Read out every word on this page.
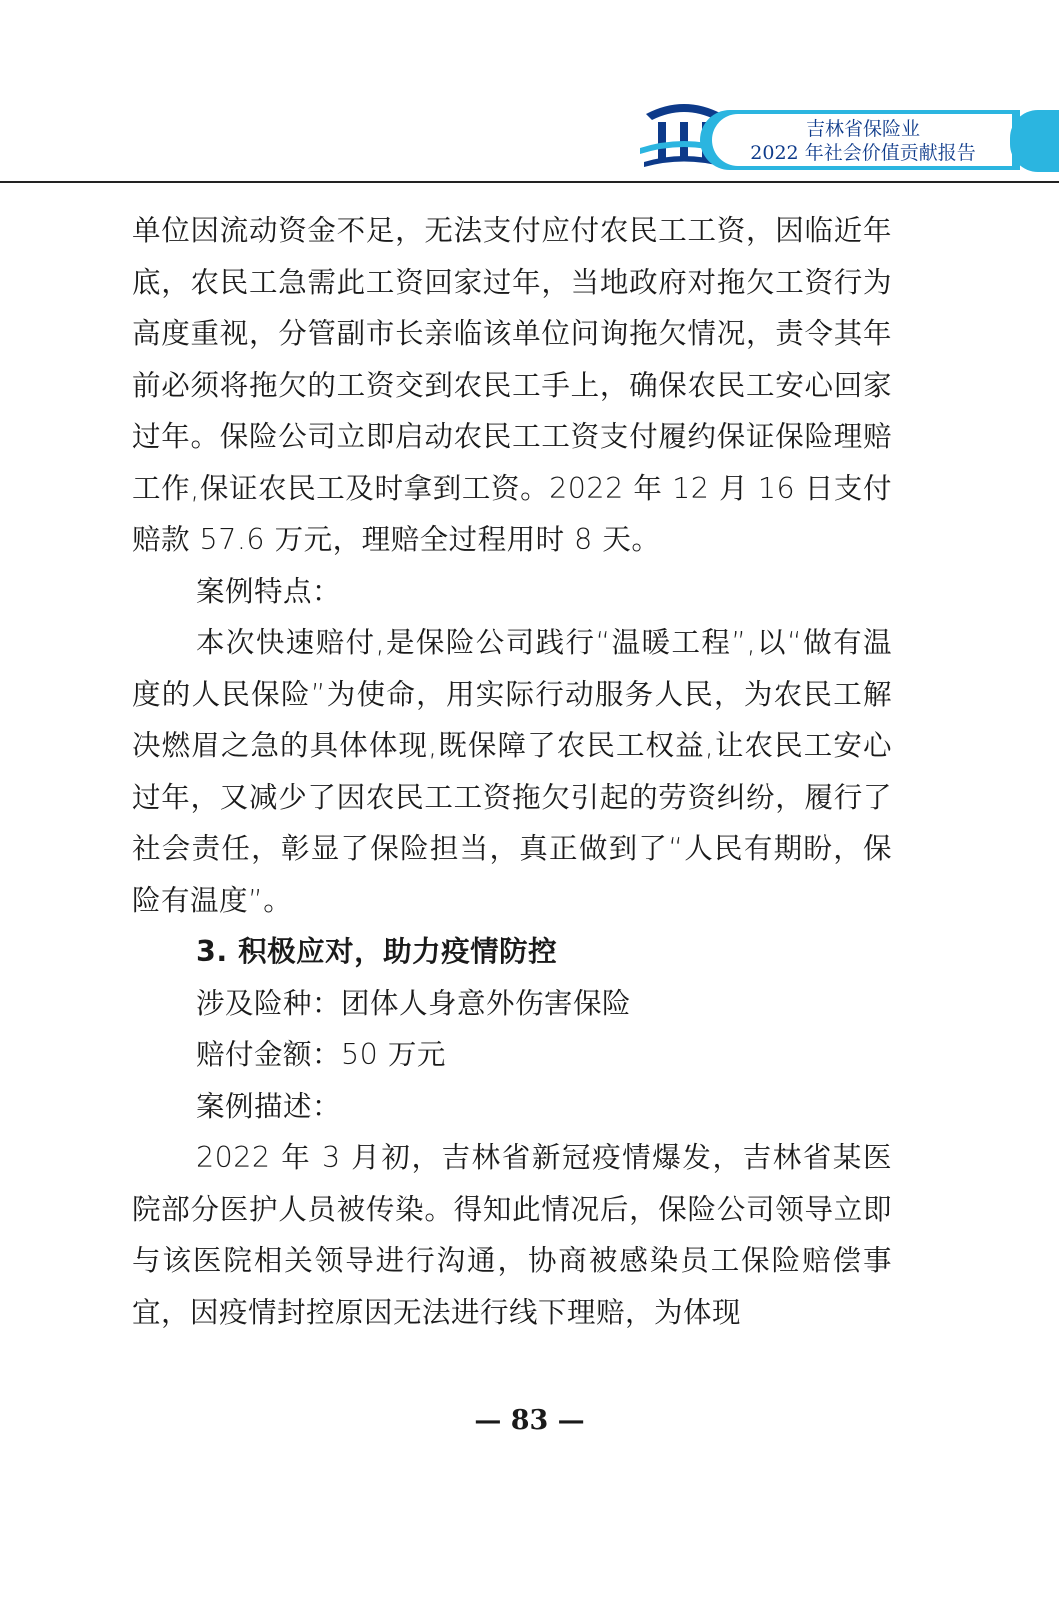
吉林省保险业
2022 年社会价值贡献报告

单位因流动资金不足，无法支付应付农民工工资，因临近年底，农民工急需此工资回家过年，当地政府对拖欠工资行为高度重视，分管副市长亲临该单位问询拖欠情况，责令其年前必须将拖欠的工资交到农民工手上，确保农民工安心回家过年。保险公司立即启动农民工工资支付履约保证保险理赔工作,保证农民工及时拿到工资。2022 年 12 月 16 日支付赔款 57.6 万元，理赔全过程用时 8 天。

案例特点：

本次快速赔付,是保险公司践行“温暖工程”,以“做有温度的人民保险”为使命，用实际行动服务人民，为农民工解决燃眉之急的具体体现,既保障了农民工权益,让农民工安心过年，又减少了因农民工工资拖欠引起的劳资纠纷，履行了社会责任，彰显了保险担当，真正做到了“人民有期盼，保险有温度”。

3. 积极应对，助力疫情防控

涉及险种：团体人身意外伤害保险

赔付金额：50 万元

案例描述：

2022 年 3 月初，吉林省新冠疫情爆发，吉林省某医院部分医护人员被传染。得知此情况后，保险公司领导立即与该医院相关领导进行沟通，协商被感染员工保险赔偿事宜，因疫情封控原因无法进行线下理赔，为体现

— 83 —
